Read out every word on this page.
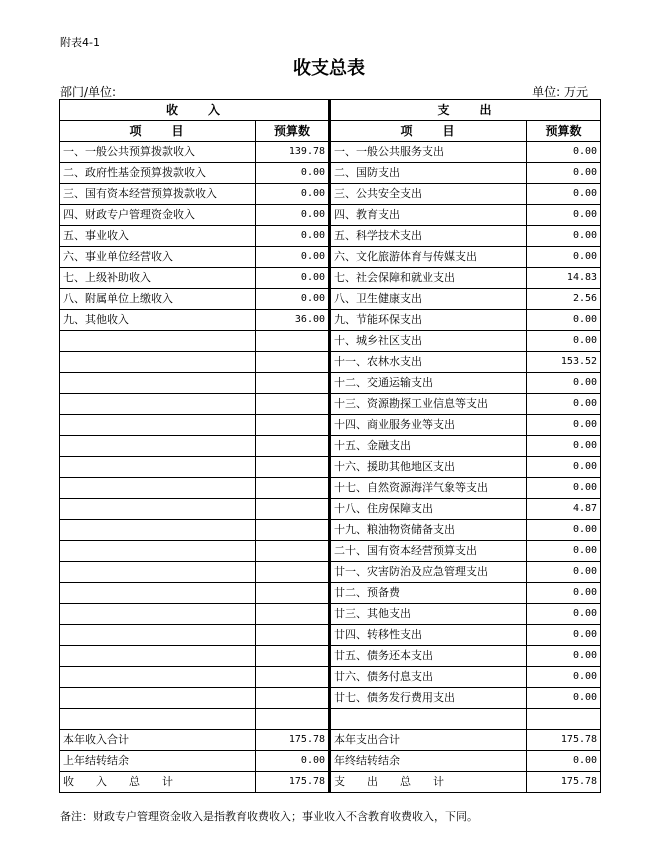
附表4-1
收支总表
部门/单位:	单位: 万元
收　　入		支　　出	
项　　目	预算数	项　　目	预算数
一、一般公共预算拨款收入	139.78	一、一般公共服务支出	0.00
二、政府性基金预算拨款收入	0.00	二、国防支出	0.00
三、国有资本经营预算拨款收入	0.00	三、公共安全支出	0.00
四、财政专户管理资金收入	0.00	四、教育支出	0.00
五、事业收入	0.00	五、科学技术支出	0.00
六、事业单位经营收入	0.00	六、文化旅游体育与传媒支出	0.00
七、上级补助收入	0.00	七、社会保障和就业支出	14.83
八、附属单位上缴收入	0.00	八、卫生健康支出	2.56
九、其他收入	36.00	九、节能环保支出	0.00
		十、城乡社区支出	0.00
		十一、农林水支出	153.52
		十二、交通运输支出	0.00
		十三、资源勘探工业信息等支出	0.00
		十四、商业服务业等支出	0.00
		十五、金融支出	0.00
		十六、援助其他地区支出	0.00
		十七、自然资源海洋气象等支出	0.00
		十八、住房保障支出	4.87
		十九、粮油物资储备支出	0.00
		二十、国有资本经营预算支出	0.00
		廿一、灾害防治及应急管理支出	0.00
		廿二、预备费	0.00
		廿三、其他支出	0.00
		廿四、转移性支出	0.00
		廿五、债务还本支出	0.00
		廿六、债务付息支出	0.00
		廿七、债务发行费用支出	0.00

本年收入合计	175.78	本年支出合计	175.78
上年结转结余	0.00	年终结转结余	0.00
收　　入　　总　　计	175.78	支　　出　　总　　计	175.78
备注：财政专户管理资金收入是指教育收费收入；事业收入不含教育收费收入，下同。
